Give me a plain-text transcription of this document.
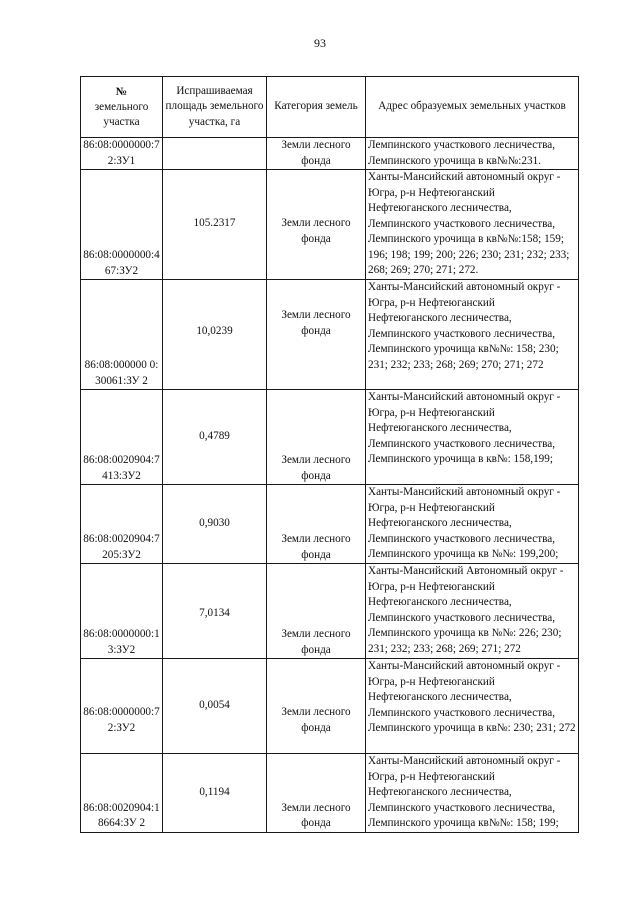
93
№
земельного участка	Испрашиваемая площадь земельного участка, га	Категория земель	Адрес образуемых земельных участков
86:08:0000000:72:ЗУ1		Земли лесного фонда	Лемпинского участкового лесничества, Лемпинского урочища в кв№№:231.
86:08:0000000:467:ЗУ2	105.2317	Земли лесного фонда	Ханты-Мансийский автономный округ - Югра, р-н Нефтеюганский Нефтеюганского лесничества, Лемпинского участкового лесничества, Лемпинского урочища в кв№№:158; 159; 196; 198; 199; 200; 226; 230; 231; 232; 233; 268; 269; 270; 271; 272.
86:08:000000 0:30061:ЗУ 2	10,0239	Земли лесного фонда	Ханты-Мансийский автономный округ - Югра, р-н Нефтеюганский Нефтеюганского лесничества, Лемпинского участкового лесничества, Лемпинского урочища кв№№: 158; 230; 231; 232; 233; 268; 269; 270; 271; 272
86:08:0020904:7413:ЗУ2	0,4789	Земли лесного фонда	Ханты-Мансийский автономный округ - Югра, р-н Нефтеюганский Нефтеюганского лесничества, Лемпинского участкового лесничества, Лемпинского урочища в кв№: 158,199;
86:08:0020904:7205:ЗУ2	0,9030	Земли лесного фонда	Ханты-Мансийский автономный округ - Югра, р-н Нефтеюганский Нефтеюганского лесничества, Лемпинского участкового лесничества, Лемпинского урочища кв №№: 199,200;
86:08:0000000:13:ЗУ2	7,0134	Земли лесного фонда	Ханты-Мансийский Автономный округ - Югра, р-н Нефтеюганский Нефтеюганского лесничества, Лемпинского участкового лесничества, Лемпинского урочища кв №№: 226; 230; 231; 232; 233; 268; 269; 271; 272
86:08:0000000:72:ЗУ2	0,0054	Земли лесного фонда	Ханты-Мансийский автономный округ - Югра, р-н Нефтеюганский Нефтеюганского лесничества, Лемпинского участкового лесничества, Лемпинского урочища в кв№: 230; 231; 272
86:08:0020904:18664:ЗУ 2	0,1194	Земли лесного фонда	Ханты-Мансийский автономный округ - Югра, р-н Нефтеюганский Нефтеюганского лесничества, Лемпинского участкового лесничества, Лемпинского урочища кв№№: 158; 199;
